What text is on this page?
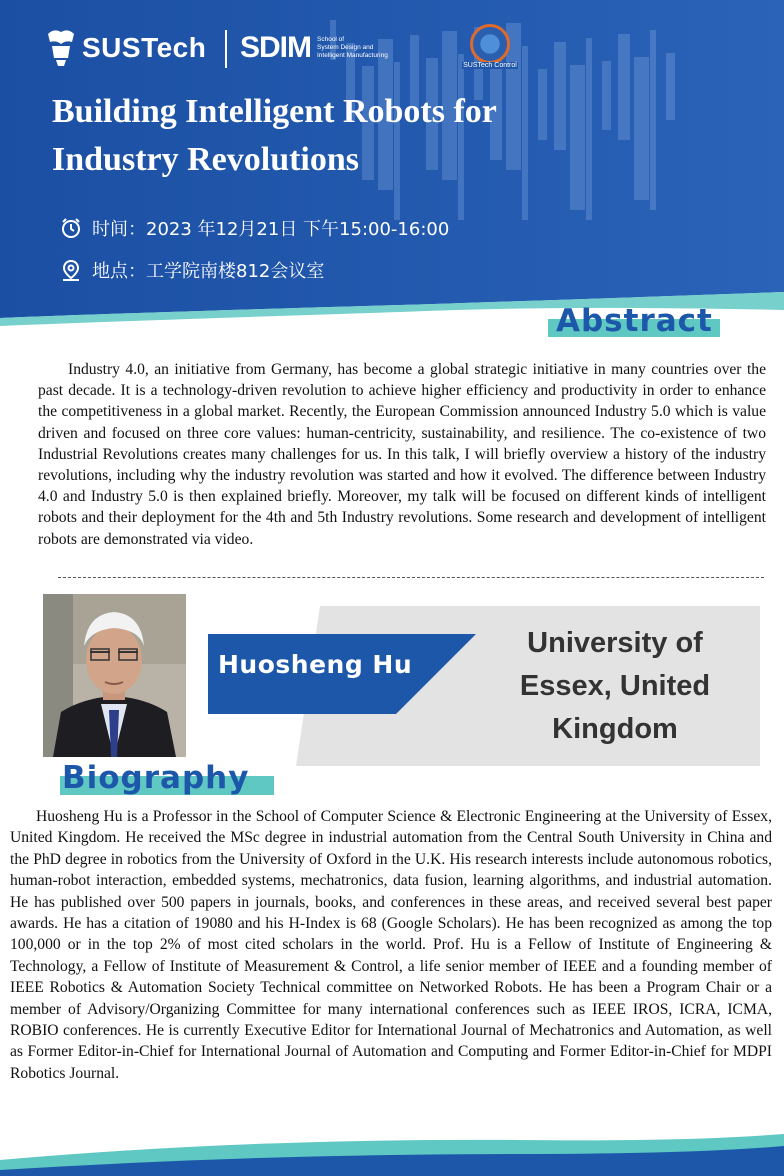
SUSTech SDIM School of
System Design and
Intelligent Manufacturing
SUSTech Control
Building Intelligent Robots for
Industry Revolutions
时间： 2023 年12月21日 下午15:00-16:00
地点： 工学院南楼812会议室
Abstract
Industry 4.0, an initiative from Germany, has become a global strategic initiative in many countries over the past decade. It is a technology-driven revolution to achieve higher efficiency and productivity in order to enhance the competitiveness in a global market. Recently, the European Commission announced Industry 5.0 which is value driven and focused on three core values: human-centricity, sustainability, and resilience. The co-existence of two Industrial Revolutions creates many challenges for us. In this talk, I will briefly overview a history of the industry revolutions, including why the industry revolution was started and how it evolved. The difference between Industry 4.0 and Industry 5.0 is then explained briefly. Moreover, my talk will be focused on different kinds of intelligent robots and their deployment for the 4th and 5th Industry revolutions. Some research and development of intelligent robots are demonstrated via video.
Huosheng Hu
University of
Essex, United
Kingdom
Biography
Huosheng Hu is a Professor in the School of Computer Science & Electronic Engineering at the University of Essex, United Kingdom. He received the MSc degree in industrial automation from the Central South University in China and the PhD degree in robotics from the University of Oxford in the U.K. His research interests include autonomous robotics, human-robot interaction, embedded systems, mechatronics, data fusion, learning algorithms, and industrial automation. He has published over 500 papers in journals, books, and conferences in these areas, and received several best paper awards. He has a citation of 19080 and his H-Index is 68 (Google Scholars). He has been recognized as among the top 100,000 or in the top 2% of most cited scholars in the world. Prof. Hu is a Fellow of Institute of Engineering & Technology, a Fellow of Institute of Measurement & Control, a life senior member of IEEE and a founding member of IEEE Robotics & Automation Society Technical committee on Networked Robots. He has been a Program Chair or a member of Advisory/Organizing Committee for many international conferences such as IEEE IROS, ICRA, ICMA, ROBIO conferences. He is currently Executive Editor for International Journal of Mechatronics and Automation, as well as Former Editor-in-Chief for International Journal of Automation and Computing and Former Editor-in-Chief for MDPI Robotics Journal.
